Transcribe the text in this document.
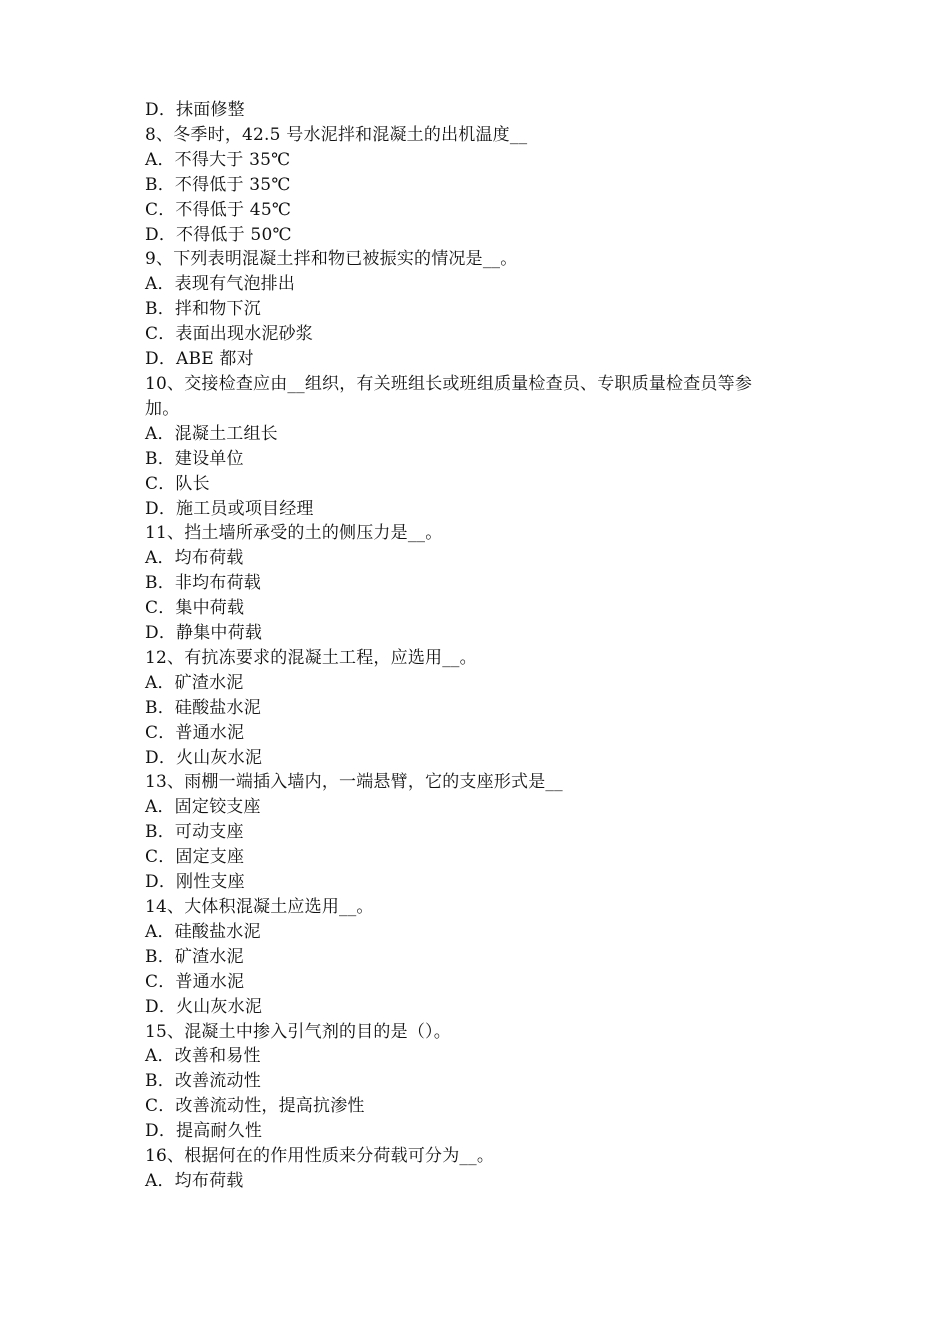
D．抹面修整
8、冬季时，42.5 号水泥拌和混凝土的出机温度__
A．不得大于 35℃
B．不得低于 35℃
C．不得低于 45℃
D．不得低于 50℃
9、下列表明混凝土拌和物已被振实的情况是__。
A．表现有气泡排出
B．拌和物下沉
C．表面出现水泥砂浆
D．ABE 都对
10、交接检查应由__组织，有关班组长或班组质量检查员、专职质量检查员等参
加。
A．混凝土工组长
B．建设单位
C．队长
D．施工员或项目经理
11、挡土墙所承受的土的侧压力是__。
A．均布荷载
B．非均布荷载
C．集中荷载
D．静集中荷载
12、有抗冻要求的混凝土工程，应选用__。
A．矿渣水泥
B．硅酸盐水泥
C．普通水泥
D．火山灰水泥
13、雨棚一端插入墙内，一端悬臂，它的支座形式是__
A．固定铰支座
B．可动支座
C．固定支座
D．刚性支座
14、大体积混凝土应选用__。
A．硅酸盐水泥
B．矿渣水泥
C．普通水泥
D．火山灰水泥
15、混凝土中掺入引气剂的目的是（）。
A．改善和易性
B．改善流动性
C．改善流动性，提高抗渗性
D．提高耐久性
16、根据何在的作用性质来分荷载可分为__。
A．均布荷载
